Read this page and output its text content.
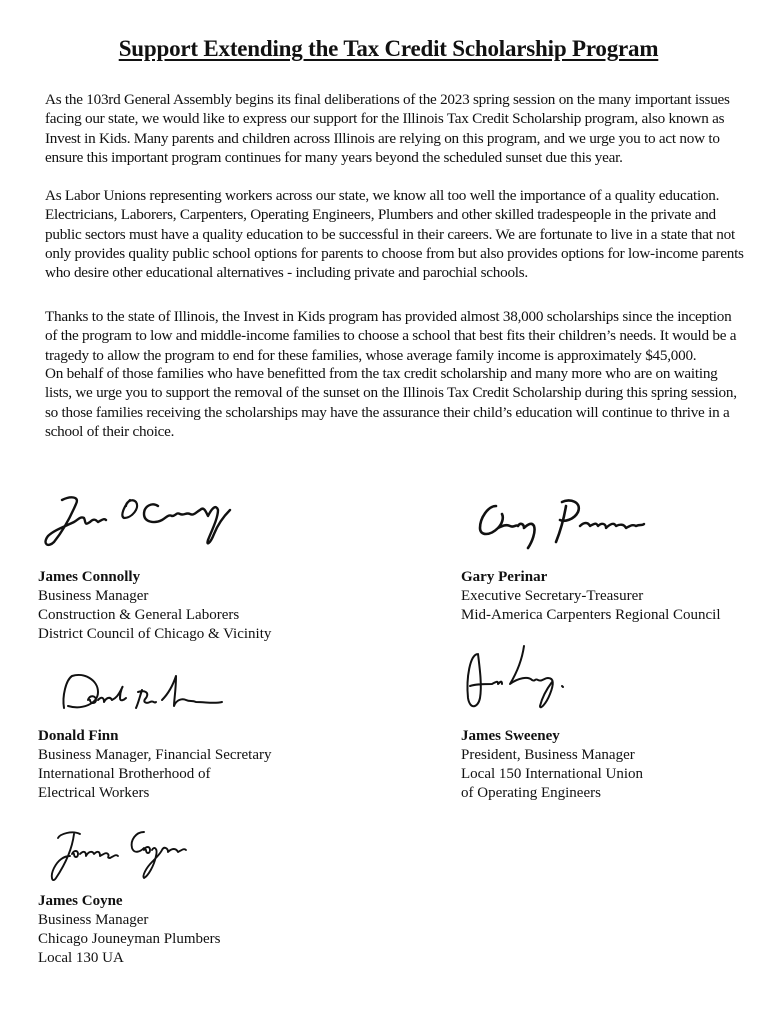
Support Extending the Tax Credit Scholarship Program

As the 103rd General Assembly begins its final deliberations of the 2023 spring session on the many important issues facing our state, we would like to express our support for the Illinois Tax Credit Scholarship program, also known as Invest in Kids. Many parents and children across Illinois are relying on this program, and we urge you to act now to ensure this important program continues for many years beyond the scheduled sunset due this year.

As Labor Unions representing workers across our state, we know all too well the importance of a quality education. Electricians, Laborers, Carpenters, Operating Engineers, Plumbers and other skilled tradespeople in the private and public sectors must have a quality education to be successful in their careers. We are fortunate to live in a state that not only provides quality public school options for parents to choose from but also provides options for low-income parents who desire other educational alternatives - including private and parochial schools.

Thanks to the state of Illinois, the Invest in Kids program has provided almost 38,000 scholarships since the inception of the program to low and middle-income families to choose a school that best fits their children’s needs. It would be a tragedy to allow the program to end for these families, whose average family income is approximately $45,000.

On behalf of those families who have benefitted from the tax credit scholarship and many more who are on waiting lists, we urge you to support the removal of the sunset on the Illinois Tax Credit Scholarship during this spring session, so those families receiving the scholarships may have the assurance their child’s education will continue to thrive in a school of their choice.

James Connolly
Business Manager
Construction & General Laborers
District Council of Chicago & Vicinity
Gary Perinar
Executive Secretary-Treasurer
Mid-America Carpenters Regional Council
Donald Finn
Business Manager, Financial Secretary
International Brotherhood of
Electrical Workers
James Sweeney
President, Business Manager
Local 150 International Union
of Operating Engineers
James Coyne
Business Manager
Chicago Jouneyman Plumbers
Local 130 UA
